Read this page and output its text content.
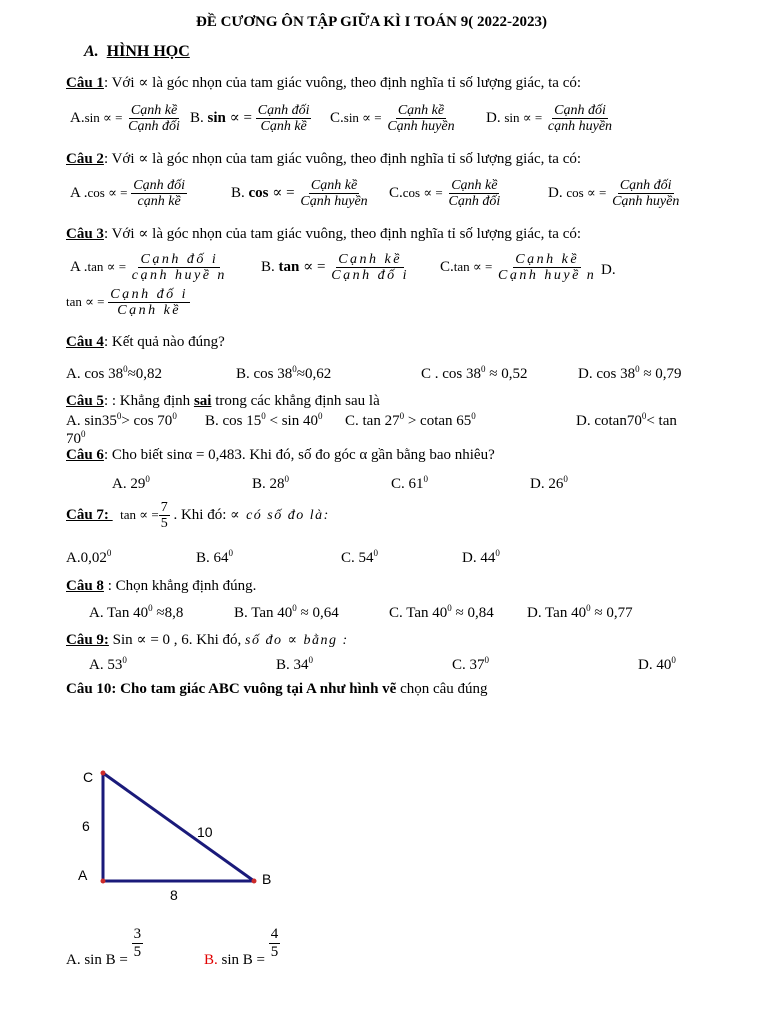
ĐỀ CƯƠNG ÔN TẬP GIỮA KÌ I TOÁN 9( 2022-2023)
A. HÌNH HỌC
Câu 1: Với ∝ là góc nhọn của tam giác vuông, theo định nghĩa tỉ số lượng giác, ta có:
A.sin ∝ = $\frac{\text{Cạnh kề}}{\text{Cạnh đối}} B$. sin ∝ = $\frac{\text{Cạnh đối}}{\text{Cạnh kề}} C.\sin$ ∝ = $\frac{\text{Cạnh kề}}{\text{Cạnh huyền}} D$. sin ∝ = $\frac{\text{Cạnh đối}}{\text{cạnh huyền}}$
Câu 2: Với ∝ là góc nhọn của tam giác vuông, theo định nghĩa tỉ số lượng giác, ta có:
A .cos ∝ = $\frac{\text{Cạnh đối}}{\text{cạnh kề}}$	B. cos ∝ = $\frac{\text{Cạnh kề}}{\text{Cạnh huyền}} C.\cos$ ∝ = $\frac{\text{Cạnh kề}}{\text{Cạnh đối}}$	D. cos ∝ = $\frac{\text{Cạnh đối}}{\text{Cạnh huyền}}$
Câu 3: Với ∝ là góc nhọn của tam giác vuông, theo định nghĩa tỉ số lượng giác, ta có:
A .tan ∝ = $\frac{\text{Cạnh đố i}}{\text{cạnh huyề n}} B$. tan ∝ = $\frac{\text{Cạnh kề}}{\text{Cạnh đố i}} C.\tan$ ∝ = $\frac{\text{Cạnh kề}}{\text{Cạnh huyề n}} D$.
tan ∝ = $\frac{\text{Cạnh đố i}}{\text{Cạnh kề}}$
Câu 4: Kết quả nào đúng?
A. $\cos 38^0\approx 0,82$	B. $\cos 38^0\approx 0,62$	C . $\cos 38^0 \approx 0,52$	D. $\cos 38^0 \approx 0,79$
Câu 5: : Khẳng định sai trong các khẳng định sau là
A. $\sin 35^0> \cos 70^0$ B. $\cos 15^0 < \sin 40^0$ C. $\tan 27^0 > cotan$ $65^0$	D. $cotan70^0< \tan$
$70^0$
Câu 6: Cho biết sinα = 0,483. Khi đó, số đo góc α gần bằng bao nhiêu?
A. $29^0$	B. $28^0$	C. $61^0$	D. $26^0$
Câu 7:   tan ∝ = $\frac{7}{5}$ . Khi đó: ∝ có số đo là:
A.0,02$^0$	B. $64^0$	C. $54^0$	D. $44^0$
Câu 8 : Chọn khẳng định đúng.
A. Tan $40^0 \approx 8,8$	B. Tan $40^0 \approx 0,64$	C. Tan $40^0 \approx 0,84$ D. Tan $40^0 \approx 0,77$
Câu 9: Sin ∝ = 0 , 6. Khi đó, số đo ∝ bằng :
A. $53^0$	B. $34^0$	C. $37^0$	D. $40^0$
Câu 10: Cho tam giác ABC vuông tại A như hình vẽ chọn câu đúng
C
A	B
6	10
8
A. $\sin B = \frac{3}{5}$	B. $\sin B = \frac{4}{5}$
